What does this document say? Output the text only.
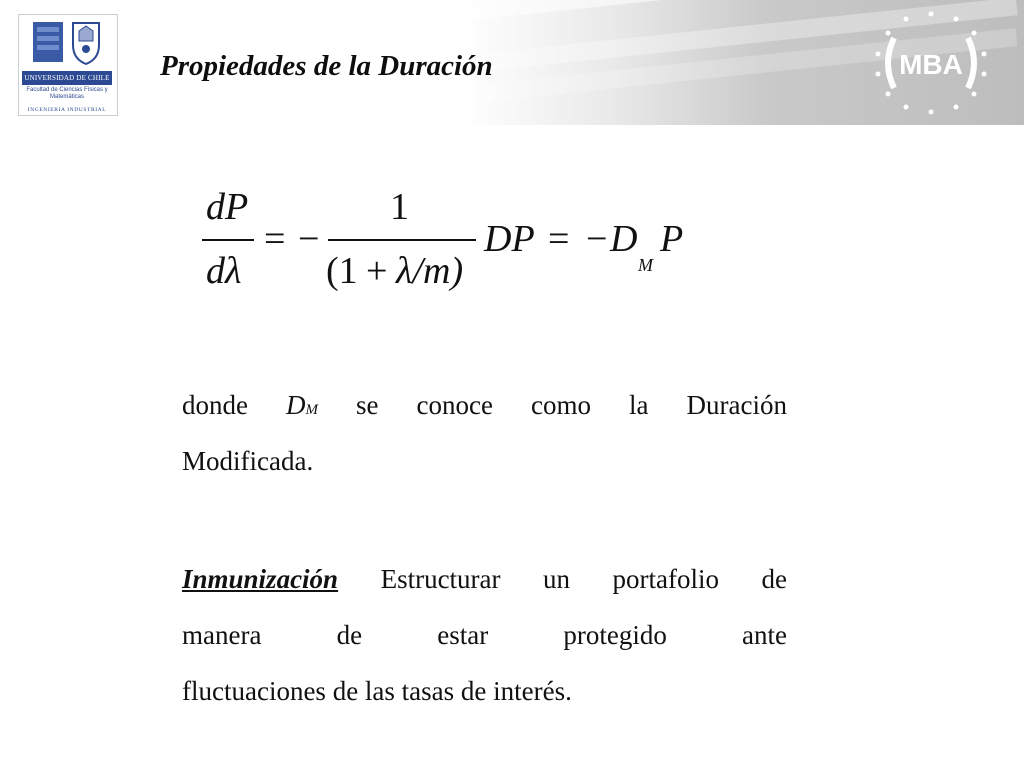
UNIVERSIDAD DE CHILE
Facultad de Ciencias Físicas y Matemáticas
INGENIERIA INDUSTRIAL
Propiedades de la Duración	MBA
dP
dλ
= −
1
(1 + λ/m)
DP = − D
M
P
donde DM se conoce como la Duración
Modificada.
Inmunización Estructurar un portafolio de
manera	de	estar	protegido	ante
fluctuaciones de las tasas de interés.
